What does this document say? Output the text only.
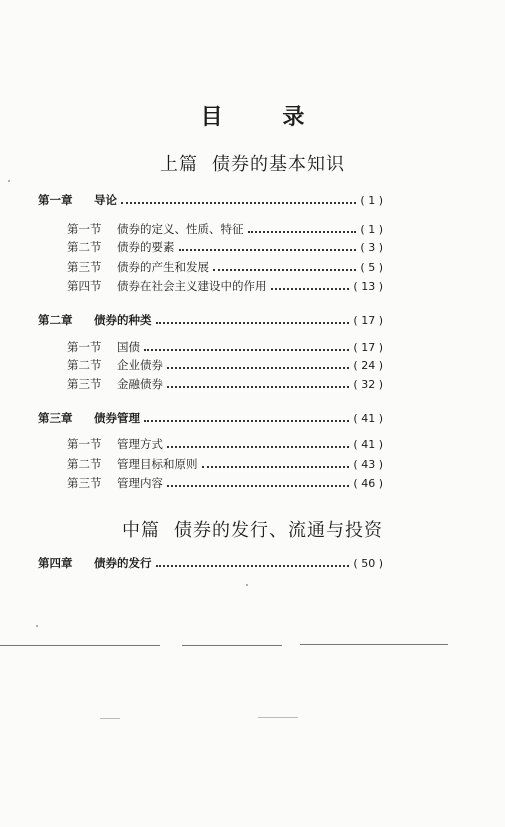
目 录
上篇 债券的基本知识
第一章	导论	( 1 )
第一节	债券的定义、性质、特征	( 1 )
第二节	债券的要素	( 3 )
第三节	债券的产生和发展	( 5 )
第四节	债券在社会主义建设中的作用	( 13 )
第二章	债券的种类	( 17 )
第一节	国债	( 17 )
第二节	企业债券	( 24 )
第三节	金融债券	( 32 )
第三章	债券管理	( 41 )
第一节	管理方式	( 41 )
第二节	管理目标和原则	( 43 )
第三节	管理内容	( 46 )
中篇 债券的发行、流通与投资
第四章	债券的发行	( 50 )
